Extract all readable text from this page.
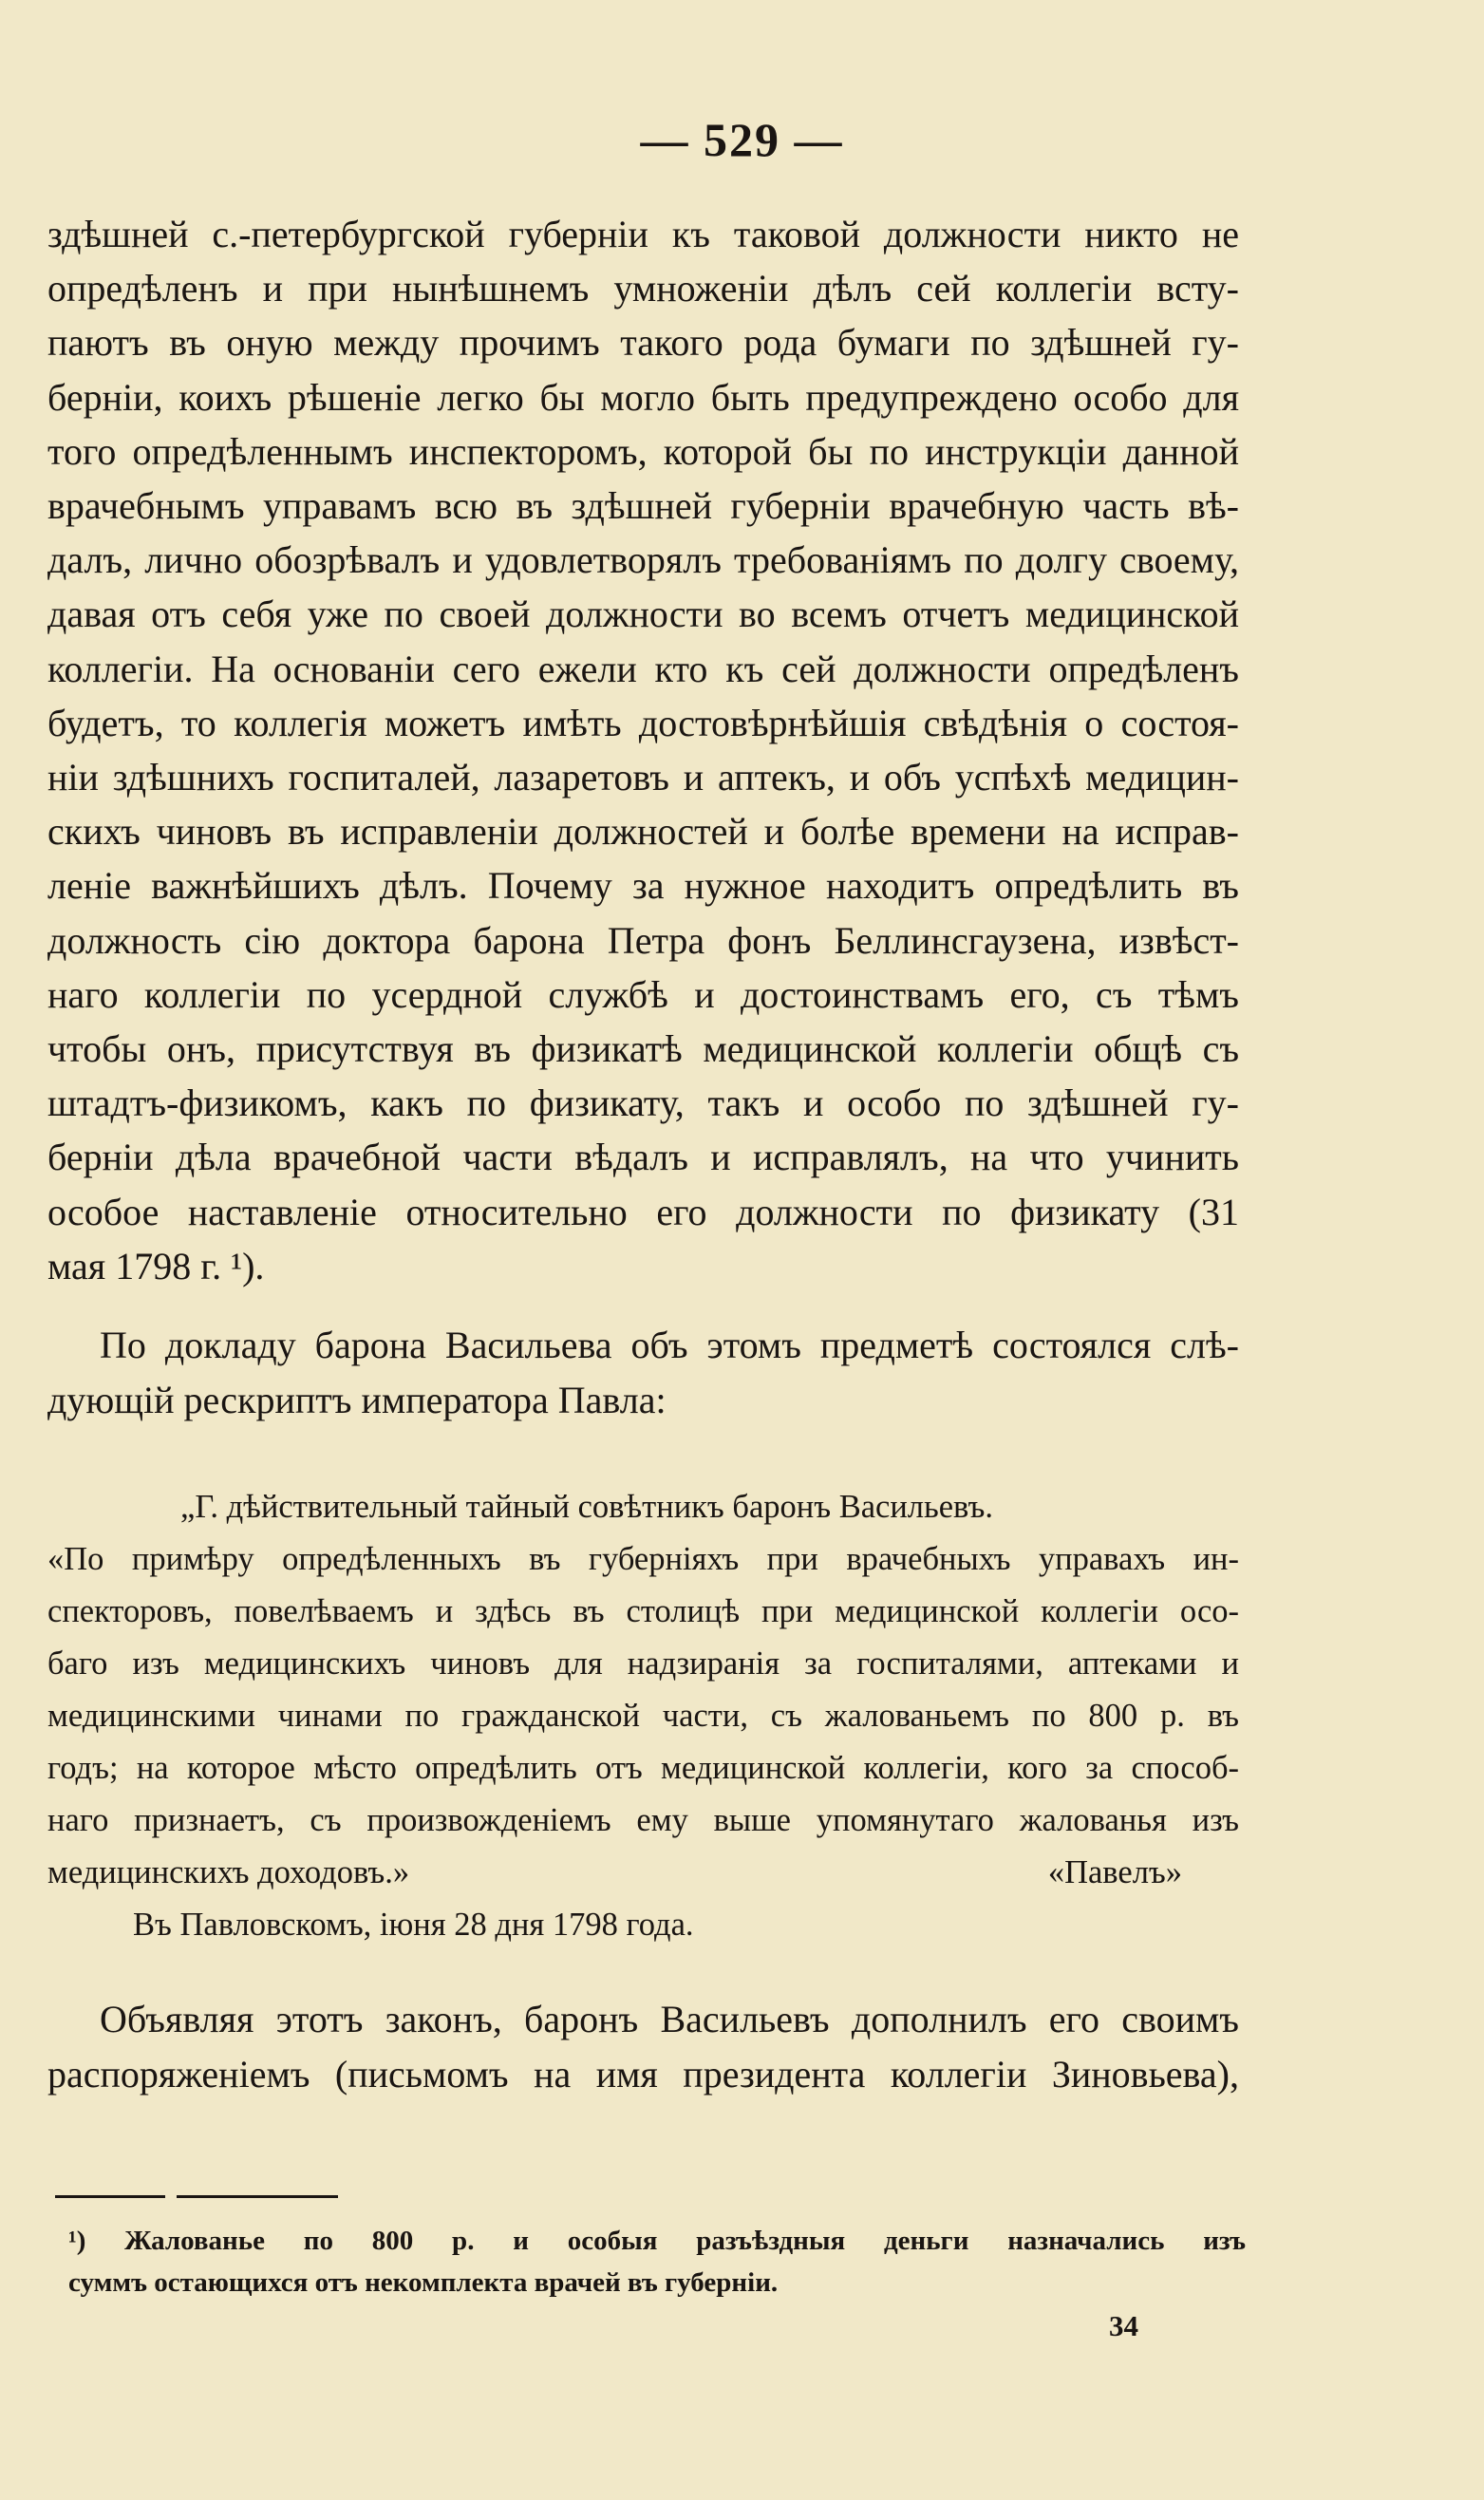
— 529 —
здѣшней с.-петербургской губерніи къ таковой должности никто не
опредѣленъ и при нынѣшнемъ умноженіи дѣлъ сей коллегіи всту-
паютъ въ оную между прочимъ такого рода бумаги по здѣшней гу-
берніи, коихъ рѣшеніе легко бы могло быть предупреждено особо для
того опредѣленнымъ инспекторомъ, которой бы по инструкціи данной
врачебнымъ управамъ всю въ здѣшней губерніи врачебную часть вѣ-
далъ, лично обозрѣвалъ и удовлетворялъ требованіямъ по долгу своему,
давая отъ себя уже по своей должности во всемъ отчетъ медицинской
коллегіи. На основаніи сего ежели кто къ сей должности опредѣленъ
будетъ, то коллегія можетъ имѣть достовѣрнѣйшія свѣдѣнія о состоя-
ніи здѣшнихъ госпиталей, лазаретовъ и аптекъ, и объ успѣхѣ медицин-
скихъ чиновъ въ исправленіи должностей и болѣе времени на исправ-
леніе важнѣйшихъ дѣлъ. Почему за нужное находитъ опредѣлить въ
должность сію доктора барона Петра фонъ Беллинсгаузена, извѣст-
наго коллегіи по усердной службѣ и достоинствамъ его, съ тѣмъ
чтобы онъ, присутствуя въ физикатѣ медицинской коллегіи общѣ съ
штадтъ-физикомъ, какъ по физикату, такъ и особо по здѣшней гу-
берніи дѣла врачебной части вѣдалъ и исправлялъ, на что учинить
особое наставленіе относительно его должности по физикату (31
мая 1798 г. ¹).
По докладу барона Васильева объ этомъ предметѣ состоялся слѣ-
дующій рескриптъ императора Павла:
„Г. дѣйствительный тайный совѣтникъ баронъ Васильевъ.
«По примѣру опредѣленныхъ въ губерніяхъ при врачебныхъ управахъ ин-
спекторовъ, повелѣваемъ и здѣсь въ столицѣ при медицинской коллегіи осо-
баго изъ медицинскихъ чиновъ для надзиранія за госпиталями, аптеками и
медицинскими чинами по гражданской части, съ жалованьемъ по 800 р. въ
годъ; на которое мѣсто опредѣлить отъ медицинской коллегіи, кого за способ-
наго признаетъ, съ произвожденіемъ ему выше упомянутаго жалованья изъ
медицинскихъ доходовъ.»	«Павелъ»
Въ Павловскомъ, іюня 28 дня 1798 года.
Объявляя этотъ законъ, баронъ Васильевъ дополнилъ его своимъ
распоряженіемъ (письмомъ на имя президента коллегіи Зиновьева),
¹) Жалованье по 800 р. и особыя разъѣздныя деньги назначались изъ
суммъ остающихся отъ некомплекта врачей въ губерніи.
34
